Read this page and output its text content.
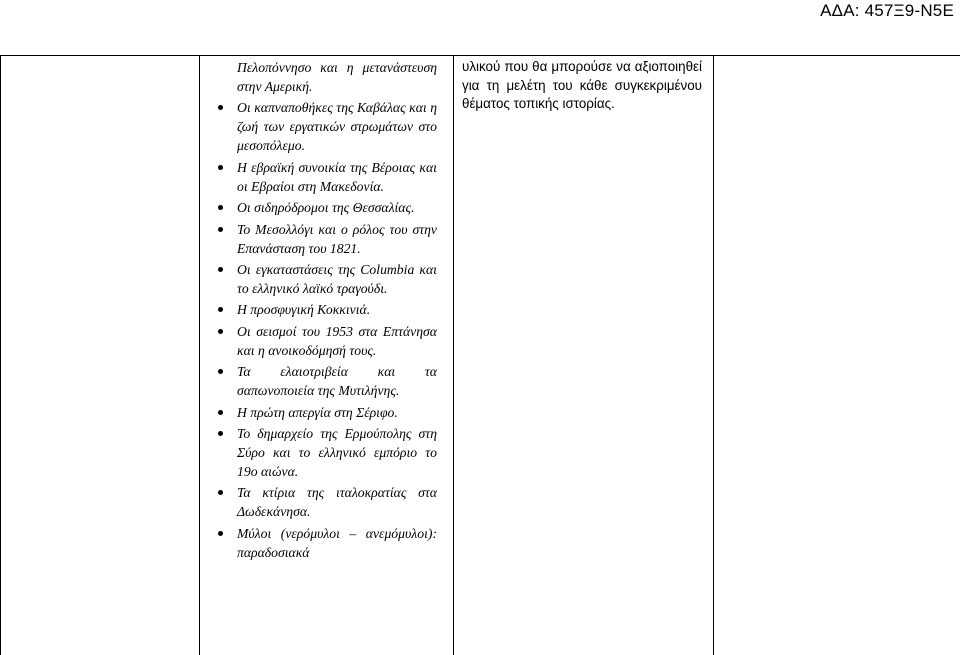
ΑΔΑ: 457Ξ9-Ν5Ε

Πελοπόννησο και η μετανάστευση στην Αμερική.

Οι καπναποθήκες της Καβάλας και η ζωή των εργατικών στρωμάτων στο μεσοπόλεμο.
Η εβραϊκή συνοικία της Βέροιας και οι Εβραίοι στη Μακεδονία.
Οι σιδηρόδρομοι της Θεσσαλίας.
Το Μεσολλόγι και ο ρόλος του στην Επανάσταση του 1821.
Οι εγκαταστάσεις της Columbia και το ελληνικό λαϊκό τραγούδι.
Η προσφυγική Κοκκινιά.
Οι σεισμοί του 1953 στα Επτάνησα και η ανοικοδόμησή τους.
Τα ελαιοτριβεία και τα σαπωνοποιεία της Μυτιλήνης.
Η πρώτη απεργία στη Σέριφο.
Το δημαρχείο της Ερμούπολης στη Σύρο και το ελληνικό εμπόριο το 19ο αιώνα.
Τα κτίρια της ιταλοκρατίας στα Δωδεκάνησα.
Μύλοι (νερόμυλοι – ανεμόμυλοι): παραδοσιακά

υλικού που θα μπορούσε να αξιοποιηθεί για τη μελέτη του κάθε συγκεκριμένου θέματος τοπικής ιστορίας.
